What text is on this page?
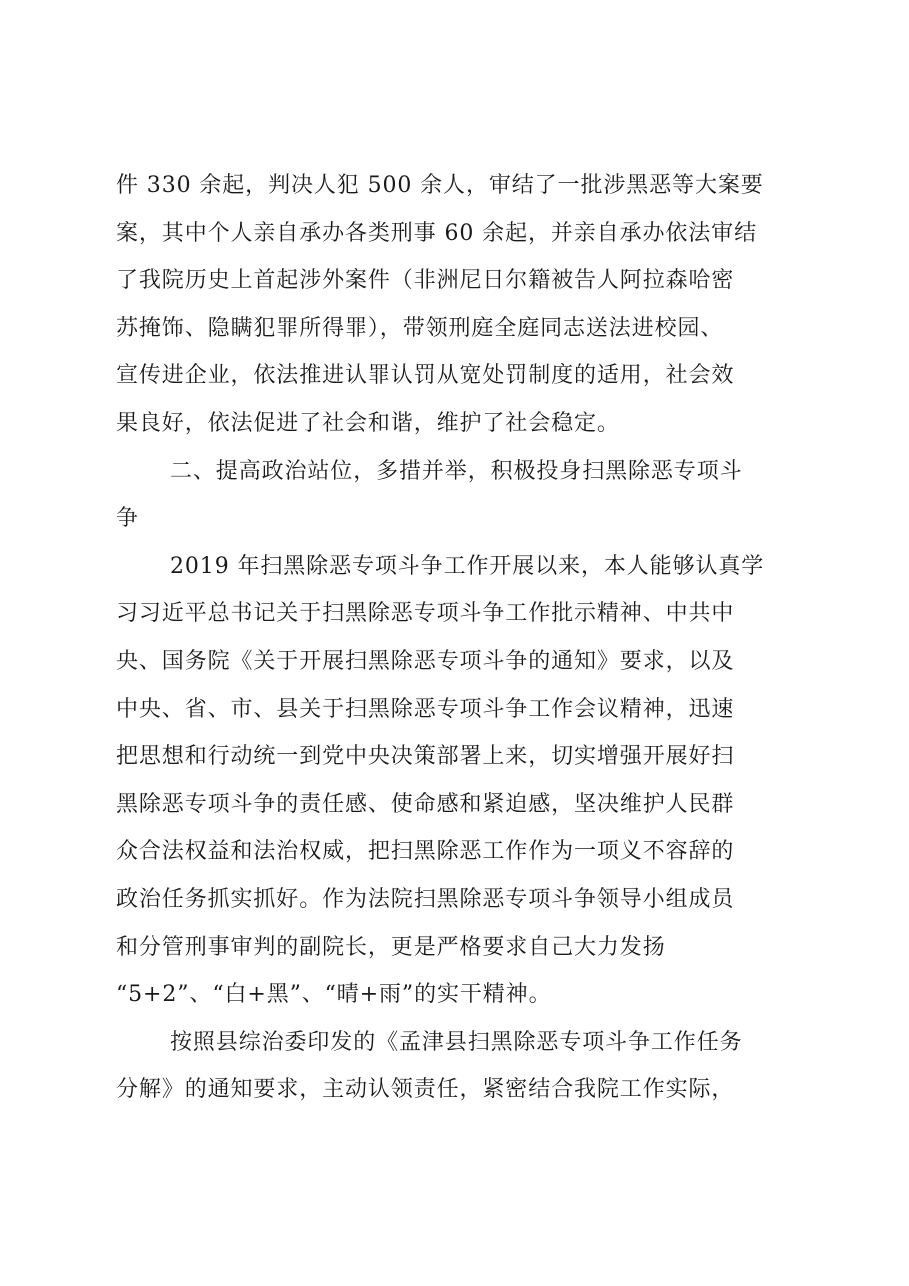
件 330 余起，判决人犯 500 余人，审结了一批涉黑恶等大案要
案，其中个人亲自承办各类刑事 60 余起，并亲自承办依法审结
了我院历史上首起涉外案件（非洲尼日尔籍被告人阿拉森哈密
苏掩饰、隐瞒犯罪所得罪），带领刑庭全庭同志送法进校园、
宣传进企业，依法推进认罪认罚从宽处罚制度的适用，社会效
果良好，依法促进了社会和谐，维护了社会稳定。
二、提高政治站位，多措并举，积极投身扫黑除恶专项斗
争
2019 年扫黑除恶专项斗争工作开展以来，本人能够认真学
习习近平总书记关于扫黑除恶专项斗争工作批示精神、中共中
央、国务院《关于开展扫黑除恶专项斗争的通知》要求，以及
中央、省、市、县关于扫黑除恶专项斗争工作会议精神，迅速
把思想和行动统一到党中央决策部署上来，切实增强开展好扫
黑除恶专项斗争的责任感、使命感和紧迫感，坚决维护人民群
众合法权益和法治权威，把扫黑除恶工作作为一项义不容辞的
政治任务抓实抓好。作为法院扫黑除恶专项斗争领导小组成员
和分管刑事审判的副院长，更是严格要求自己大力发扬
“5+2”、“白+黑”、“晴+雨”的实干精神。
按照县综治委印发的《孟津县扫黑除恶专项斗争工作任务
分解》的通知要求，主动认领责任，紧密结合我院工作实际，
